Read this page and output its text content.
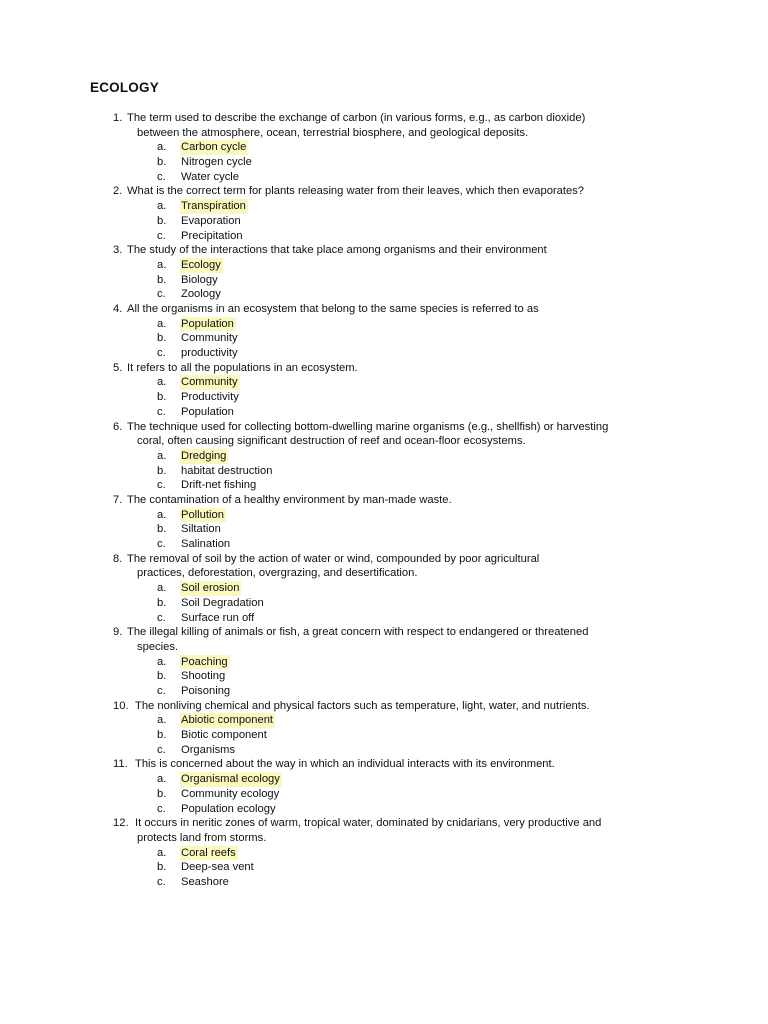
ECOLOGY
1. The term used to describe the exchange of carbon (in various forms, e.g., as carbon dioxide)
between the atmosphere, ocean, terrestrial biosphere, and geological deposits.
a. Carbon cycle
b. Nitrogen cycle
c. Water cycle
2. What is the correct term for plants releasing water from their leaves, which then evaporates?
a. Transpiration
b. Evaporation
c. Precipitation
3. The study of the interactions that take place among organisms and their environment
a. Ecology
b. Biology
c. Zoology
4. All the organisms in an ecosystem that belong to the same species is referred to as
a. Population
b. Community
c. productivity
5. It refers to all the populations in an ecosystem.
a. Community
b. Productivity
c. Population
6. The technique used for collecting bottom-dwelling marine organisms (e.g., shellfish) or harvesting
coral, often causing significant destruction of reef and ocean-floor ecosystems.
a. Dredging
b. habitat destruction
c. Drift-net fishing
7. The contamination of a healthy environment by man-made waste.
a. Pollution
b. Siltation
c. Salination
8. The removal of soil by the action of water or wind, compounded by poor agricultural
practices, deforestation, overgrazing, and desertification.
a. Soil erosion
b. Soil Degradation
c. Surface run off
9. The illegal killing of animals or fish, a great concern with respect to endangered or threatened
species.
a. Poaching
b. Shooting
c. Poisoning
10. The nonliving chemical and physical factors such as temperature, light, water, and nutrients.
a. Abiotic component
b. Biotic component
c. Organisms
11. This is concerned about the way in which an individual interacts with its environment.
a. Organismal ecology
b. Community ecology
c. Population ecology
12. It occurs in neritic zones of warm, tropical water, dominated by cnidarians, very productive and
protects land from storms.
a. Coral reefs
b. Deep-sea vent
c. Seashore
